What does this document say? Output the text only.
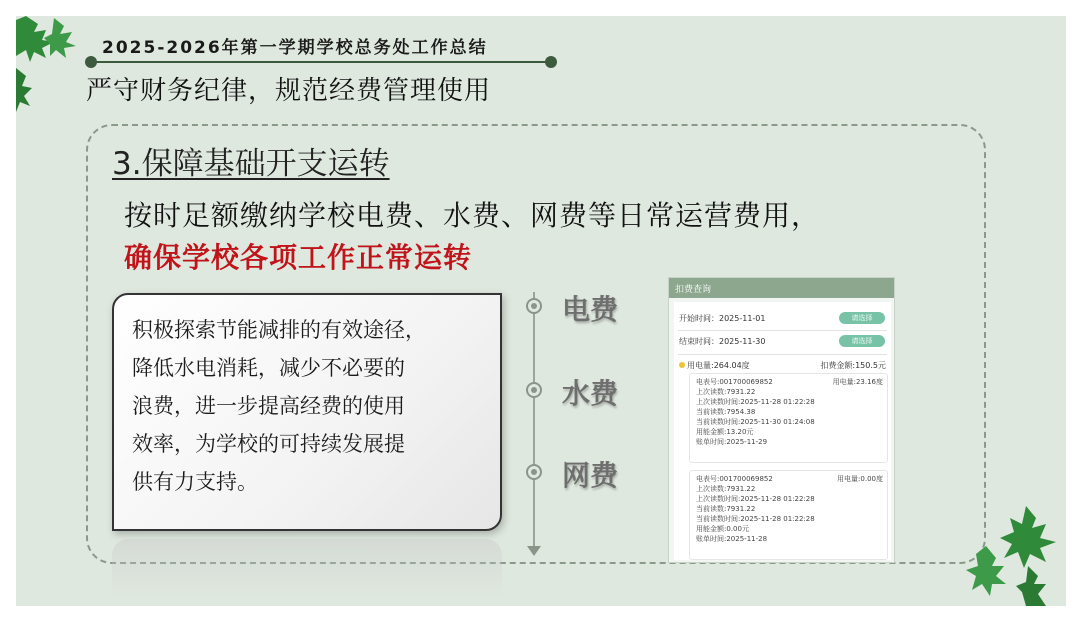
2025-2026年第一学期学校总务处工作总结
严守财务纪律，规范经费管理使用
3.保障基础开支运转
按时足额缴纳学校电费、水费、网费等日常运营费用，
确保学校各项工作正常运转
积极探索节能减排的有效途径，
降低水电消耗，减少不必要的
浪费，进一步提高经费的使用
效率，为学校的可持续发展提
供有力支持。
电费
水费
网费
扣费查询
开始时间：2025-11-01	请选择
结束时间：2025-11-30	请选择
用电量:264.04度	扣费金额:150.5元
电表号:001700069852	用电量:23.16度
上次读数:7931.22
上次读数时间:2025-11-28 01:22:28
当前读数:7954.38
当前读数时间:2025-11-30 01:24:08
用能金额:13.20元
账单时间:2025-11-29
电表号:001700069852	用电量:0.00度
上次读数:7931.22
上次读数时间:2025-11-28 01:22:28
当前读数:7931.22
当前读数时间:2025-11-28 01:22:28
用能金额:0.00元
账单时间:2025-11-28
